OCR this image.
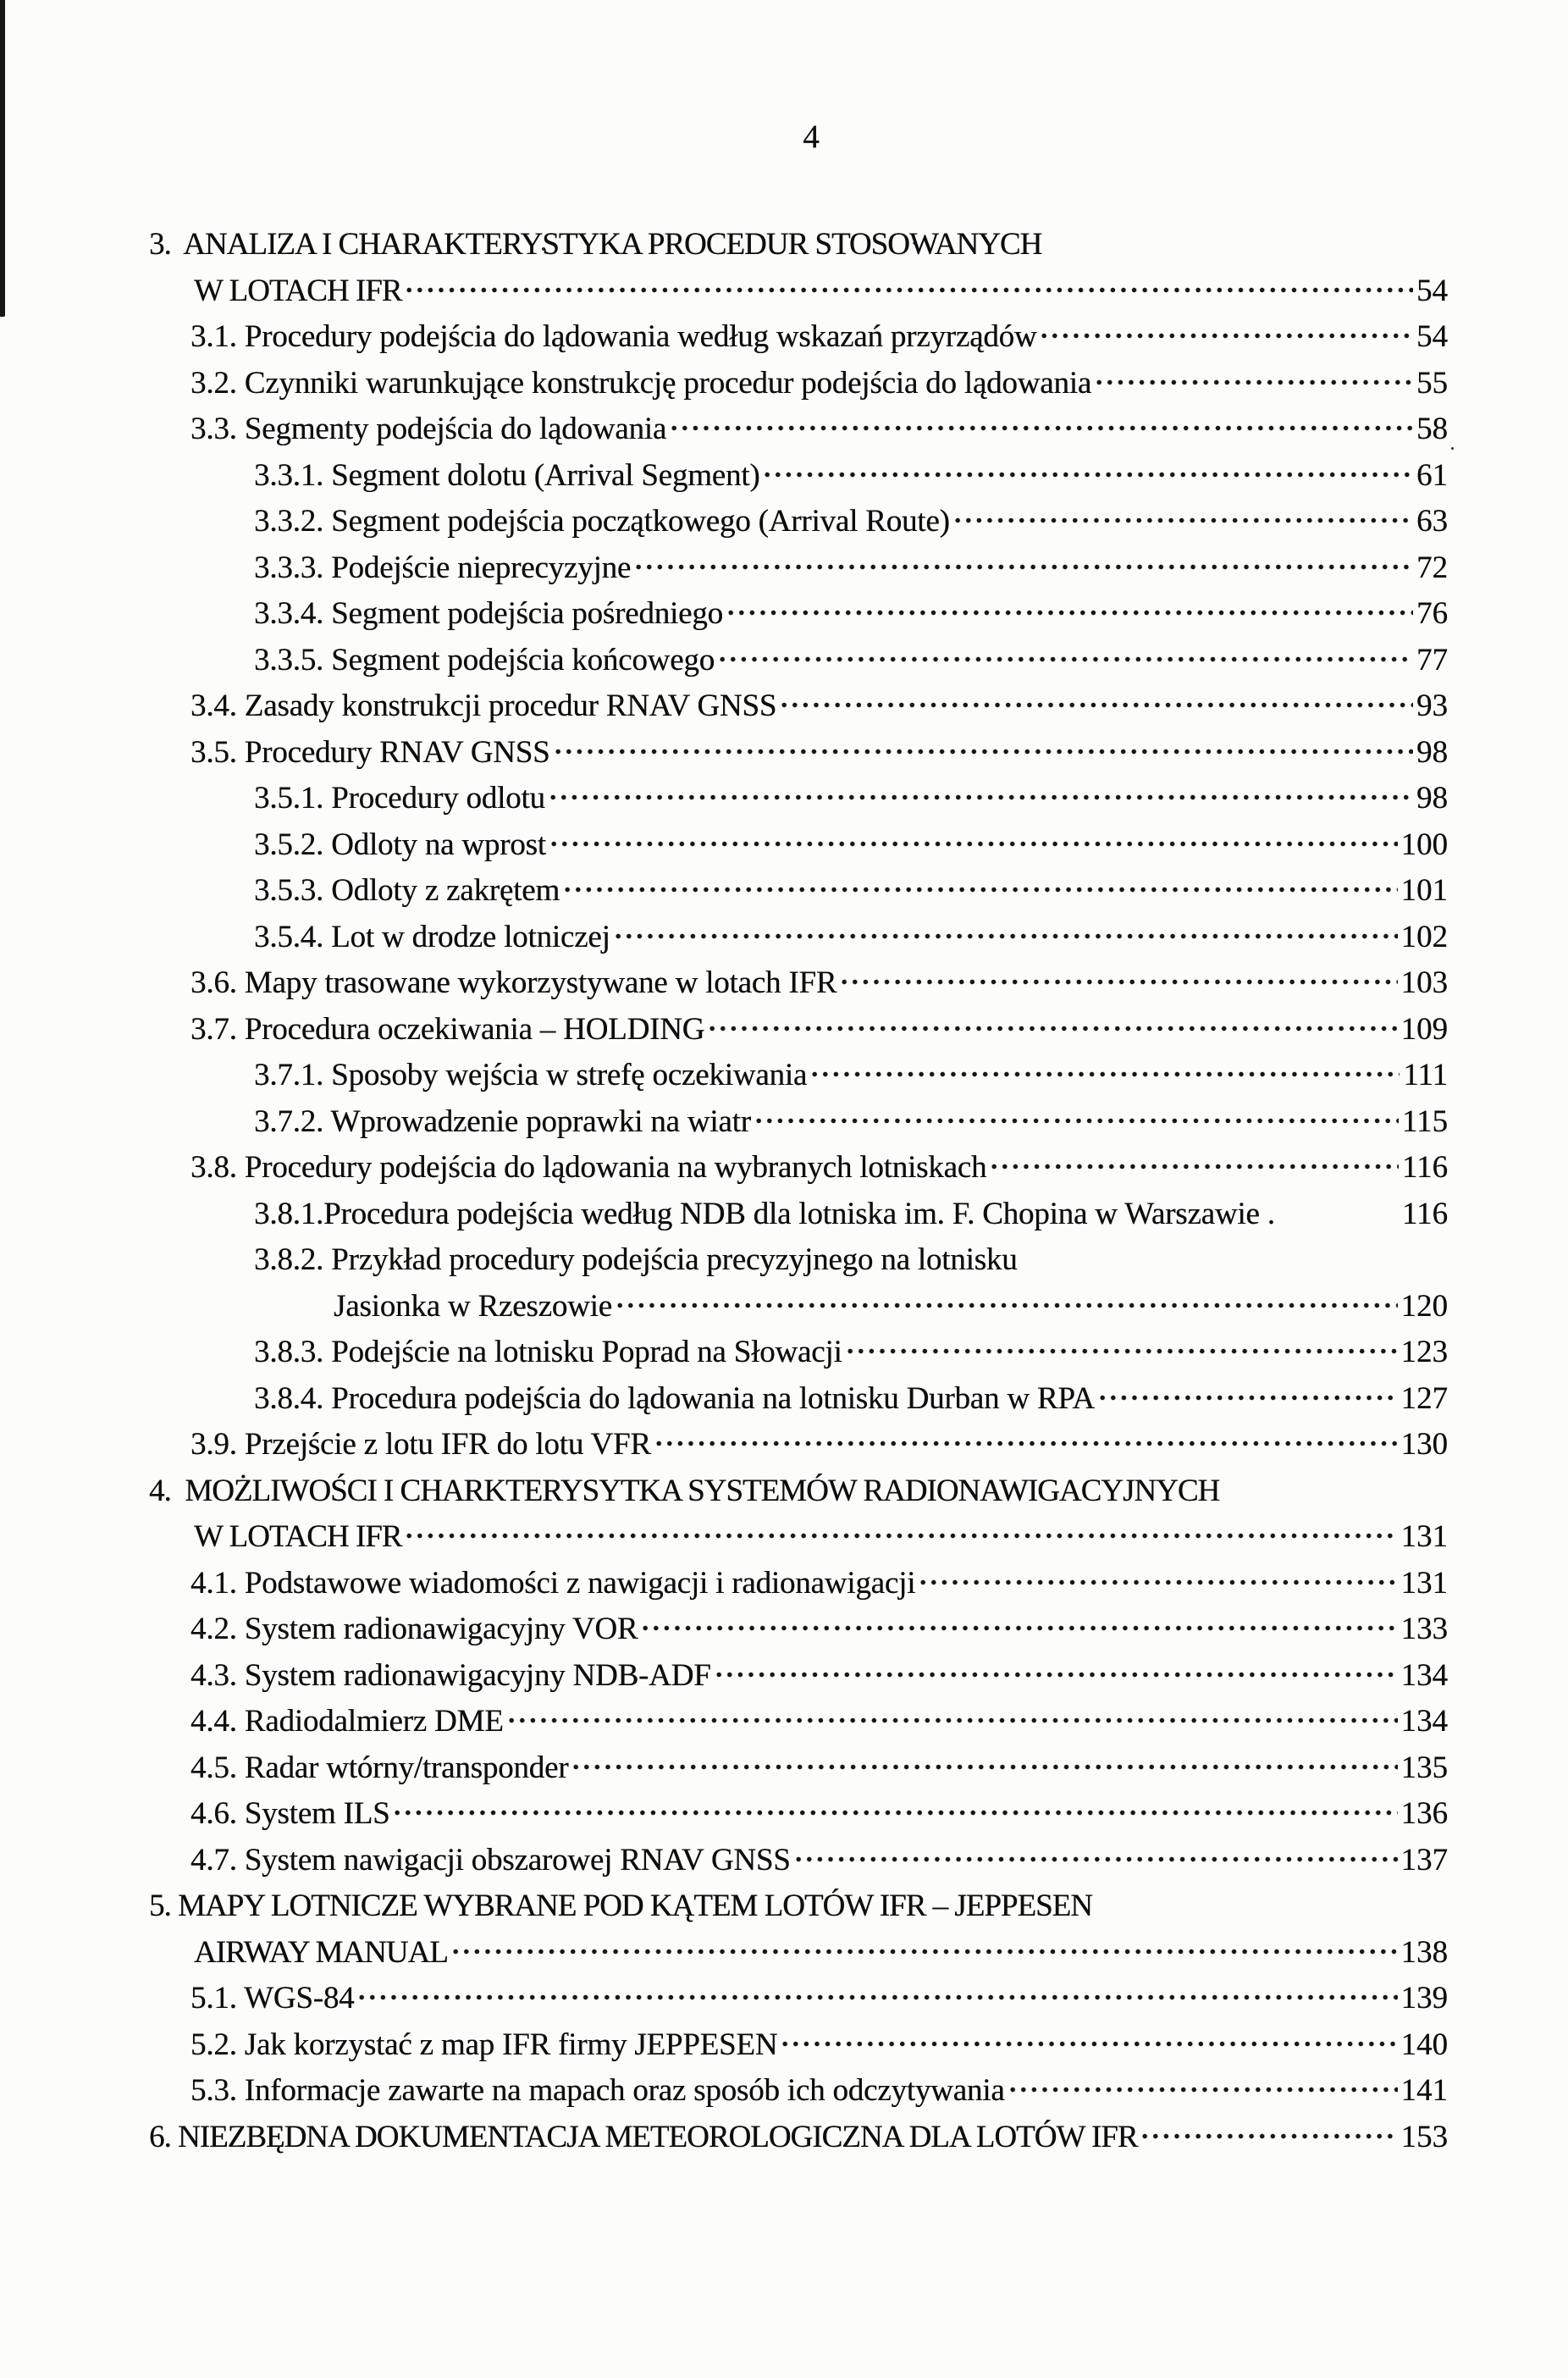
4
3.  ANALIZA I CHARAKTERYSTYKA PROCEDUR STOSOWANYCH
W LOTACH IFR	54
3.1. Procedury podejścia do lądowania według wskazań przyrządów	54
3.2. Czynniki warunkujące konstrukcję procedur podejścia do lądowania	55
3.3. Segmenty podejścia do lądowania	58
3.3.1. Segment dolotu (Arrival Segment)	61
3.3.2. Segment podejścia początkowego (Arrival Route)	63
3.3.3. Podejście nieprecyzyjne	72
3.3.4. Segment podejścia pośredniego	76
3.3.5. Segment podejścia końcowego	77
3.4. Zasady konstrukcji procedur RNAV GNSS	93
3.5. Procedury RNAV GNSS	98
3.5.1. Procedury odlotu	98
3.5.2. Odloty na wprost	100
3.5.3. Odloty z zakrętem	101
3.5.4. Lot w drodze lotniczej	102
3.6. Mapy trasowane wykorzystywane w lotach IFR	103
3.7. Procedura oczekiwania – HOLDING	109
3.7.1. Sposoby wejścia w strefę oczekiwania	111
3.7.2. Wprowadzenie poprawki na wiatr	115
3.8. Procedury podejścia do lądowania na wybranych lotniskach	116
3.8.1.Procedura podejścia według NDB dla lotniska im. F. Chopina w Warszawie .	116
3.8.2. Przykład procedury podejścia precyzyjnego na lotnisku
Jasionka w Rzeszowie	120
3.8.3. Podejście na lotnisku Poprad na Słowacji	123
3.8.4. Procedura podejścia do lądowania na lotnisku Durban w RPA	127
3.9. Przejście z lotu IFR do lotu VFR	130
4.  MOŻLIWOŚCI I CHARKTERYSYTKA SYSTEMÓW RADIONAWIGACYJNYCH
W LOTACH IFR	131
4.1. Podstawowe wiadomości z nawigacji i radionawigacji	131
4.2. System radionawigacyjny VOR	133
4.3. System radionawigacyjny NDB-ADF	134
4.4. Radiodalmierz DME	134
4.5. Radar wtórny/transponder	135
4.6. System ILS	136
4.7. System nawigacji obszarowej RNAV GNSS	137
5. MAPY LOTNICZE WYBRANE POD KĄTEM LOTÓW IFR – JEPPESEN
AIRWAY MANUAL	138
5.1. WGS-84	139
5.2. Jak korzystać z map IFR firmy JEPPESEN	140
5.3. Informacje zawarte na mapach oraz sposób ich odczytywania	141
6. NIEZBĘDNA DOKUMENTACJA METEOROLOGICZNA DLA LOTÓW IFR	153
